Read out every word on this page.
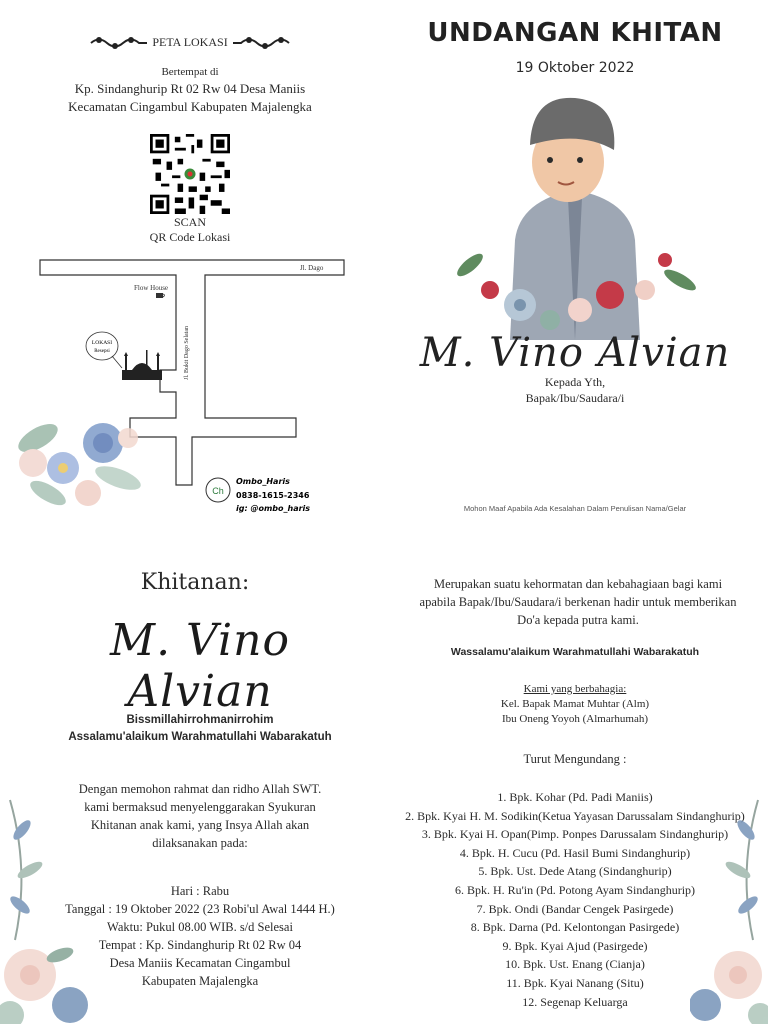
PETA LOKASI
Bertempat di
Kp. Sindanghurip Rt 02 Rw 04 Desa Maniis
Kecamatan Cingambul Kabupaten Majalengka
SCAN
QR Code Lokasi
Jl. Dago
Jl. Bukit Dago Selatan
Flow House
LOKASI
Resepsi
Ch
Ombo_Haris
0838-1615-2346
ig: @ombo_haris
UNDANGAN KHITAN
19 Oktober 2022
M. Vino Alvian
Kepada Yth,
Bapak/Ibu/Saudara/i
Mohon Maaf Apabila Ada Kesalahan Dalam Penulisan Nama/Gelar
Khitanan:
M. Vino Alvian
Bissmillahirrohmanirrohim
Assalamu'alaikum Warahmatullahi Wabarakatuh
Dengan memohon rahmat dan ridho Allah SWT.
kami bermaksud menyelenggarakan Syukuran
Khitanan anak kami, yang Insya Allah akan
dilaksanakan pada:
Hari : Rabu
Tanggal : 19 Oktober 2022 (23 Robi'ul Awal 1444 H.)
Waktu: Pukul 08.00 WIB. s/d Selesai
Tempat : Kp. Sindanghurip Rt 02 Rw 04
Desa Maniis Kecamatan Cingambul
Kabupaten Majalengka
Merupakan suatu kehormatan dan kebahagiaan bagi kami
apabila Bapak/Ibu/Saudara/i berkenan hadir untuk memberikan
Do'a kepada putra kami.
Wassalamu'alaikum Warahmatullahi Wabarakatuh
Kami yang berbahagia:
Kel. Bapak Mamat Muhtar (Alm)
Ibu Oneng Yoyoh (Almarhumah)
Turut Mengundang :
1. Bpk. Kohar (Pd. Padi Maniis)
2. Bpk. Kyai H. M. Sodikin(Ketua Yayasan Darussalam Sindanghurip)
3. Bpk. Kyai H. Opan(Pimp. Ponpes Darussalam Sindanghurip)
4. Bpk. H. Cucu (Pd. Hasil Bumi Sindanghurip)
5. Bpk. Ust. Dede Atang (Sindanghurip)
6. Bpk. H. Ru'in (Pd. Potong Ayam Sindanghurip)
7. Bpk. Ondi (Bandar Cengek Pasirgede)
8. Bpk. Darna (Pd. Kelontongan Pasirgede)
9. Bpk. Kyai Ajud (Pasirgede)
10. Bpk. Ust. Enang (Cianja)
11. Bpk. Kyai Nanang (Situ)
12. Segenap Keluarga
